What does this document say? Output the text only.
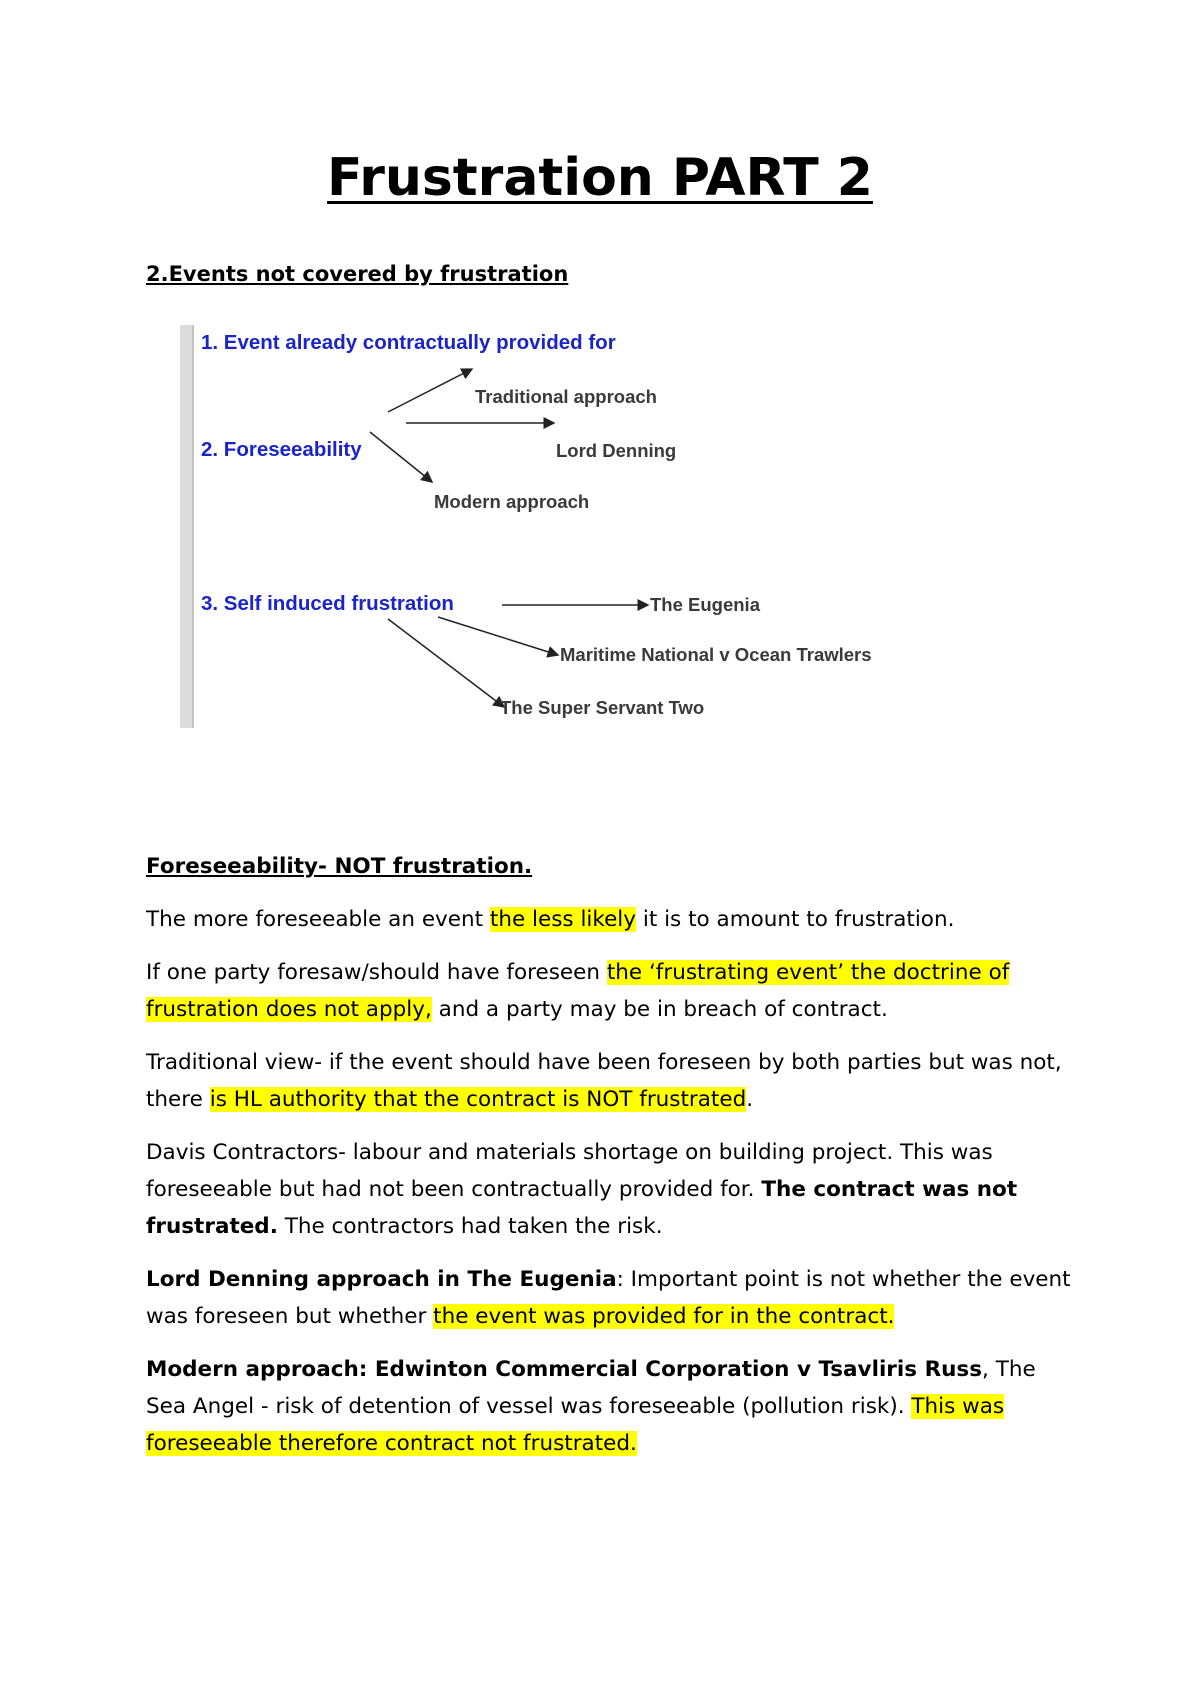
Frustration PART 2
2.Events not covered by frustration
1. Event already contractually provided for
Traditional approach
2. Foreseeability	Lord Denning
Modern approach
3. Self induced frustration	The Eugenia
Maritime National v Ocean Trawlers
The Super Servant Two

Foreseeability- NOT frustration.

The more foreseeable an event the less likely it is to amount to frustration.

If one party foresaw/should have foreseen the ‘frustrating event’ the doctrine of frustration does not apply, and a party may be in breach of contract.

Traditional view- if the event should have been foreseen by both parties but was not, there is HL authority that the contract is NOT frustrated.

Davis Contractors- labour and materials shortage on building project. This was foreseeable but had not been contractually provided for. The contract was not frustrated. The contractors had taken the risk.

Lord Denning approach in The Eugenia: Important point is not whether the event was foreseen but whether the event was provided for in the contract.

Modern approach: Edwinton Commercial Corporation v Tsavliris Russ, The Sea Angel - risk of detention of vessel was foreseeable (pollution risk). This was foreseeable therefore contract not frustrated.
